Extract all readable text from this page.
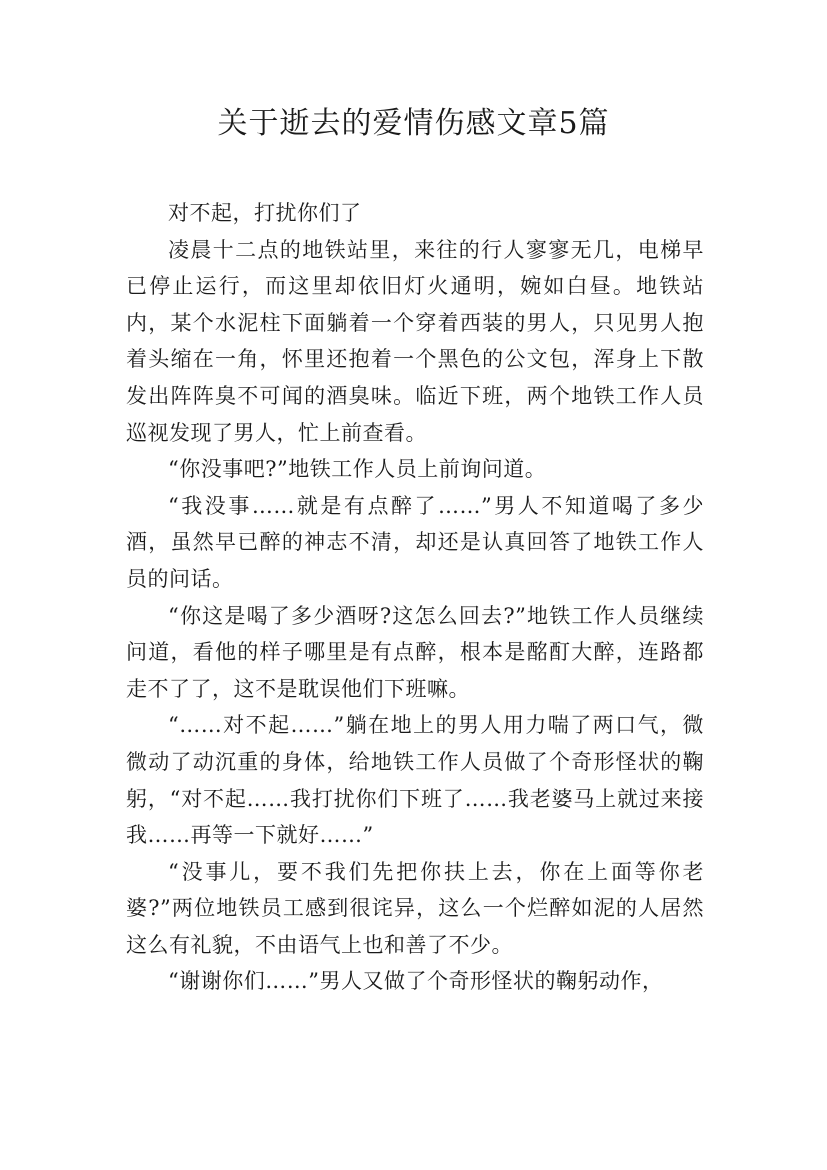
关于逝去的爱情伤感文章5篇

对不起，打扰你们了

凌晨十二点的地铁站里，来往的行人寥寥无几，电梯早已停止运行，而这里却依旧灯火通明，婉如白昼。地铁站内，某个水泥柱下面躺着一个穿着西装的男人，只见男人抱着头缩在一角，怀里还抱着一个黑色的公文包，浑身上下散发出阵阵臭不可闻的酒臭味。临近下班，两个地铁工作人员巡视发现了男人，忙上前查看。

“你没事吧?”地铁工作人员上前询问道。

“我没事……就是有点醉了……”男人不知道喝了多少酒，虽然早已醉的神志不清，却还是认真回答了地铁工作人员的问话。

“你这是喝了多少酒呀?这怎么回去?”地铁工作人员继续问道，看他的样子哪里是有点醉，根本是酩酊大醉，连路都走不了了，这不是耽误他们下班嘛。

“……对不起……”躺在地上的男人用力喘了两口气，微微动了动沉重的身体，给地铁工作人员做了个奇形怪状的鞠躬，“对不起……我打扰你们下班了……我老婆马上就过来接我……再等一下就好……”

“没事儿，要不我们先把你扶上去，你在上面等你老婆?”两位地铁员工感到很诧异，这么一个烂醉如泥的人居然这么有礼貌，不由语气上也和善了不少。

“谢谢你们……”男人又做了个奇形怪状的鞠躬动作，
